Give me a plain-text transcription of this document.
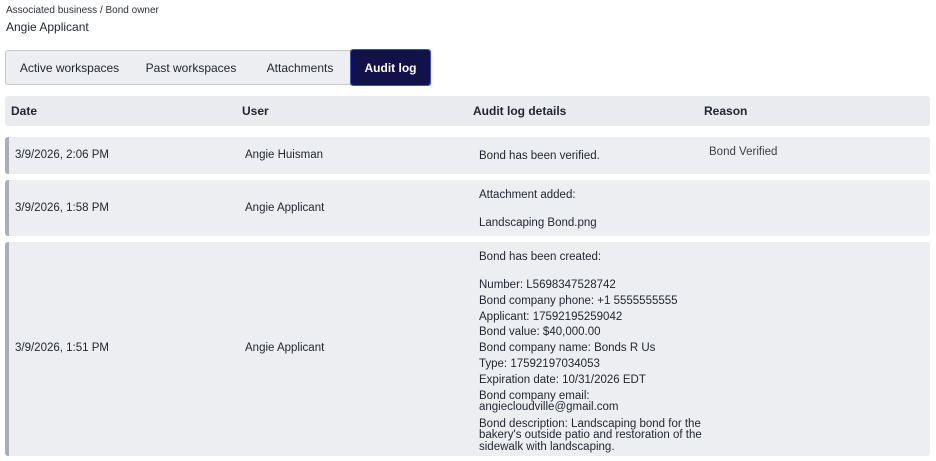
Associated business / Bond owner
Angie Applicant
Active workspaces	Past workspaces	Attachments	Audit log
Date	User	Audit log details	Reason
3/9/2026, 2:06 PM	Angie Huisman	Bond has been verified.	Bond Verified
3/9/2026, 1:58 PM	Angie Applicant
Attachment added:
Landscaping Bond.png
3/9/2026, 1:51 PM	Angie Applicant
Bond has been created:
Number: L5698347528742
Bond company phone: +1 5555555555
Applicant: 17592195259042
Bond value: $40,000.00
Bond company name: Bonds R Us
Type: 17592197034053
Expiration date: 10/31/2026 EDT
Bond company email: angiecloudville@gmail.com
Bond description: Landscaping bond for the bakery's outside patio and restoration of the sidewalk with landscaping.
